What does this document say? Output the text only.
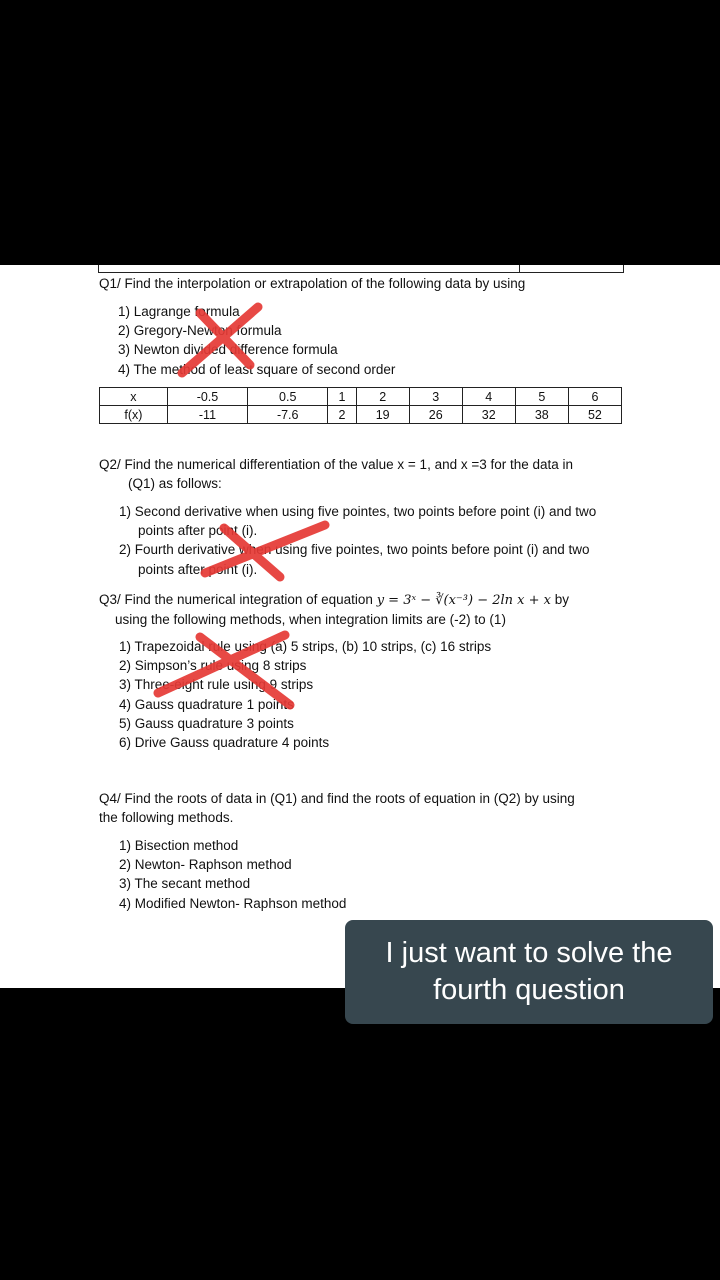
Q1/ Find the interpolation or extrapolation of the following data by using
1) Lagrange formula
2) Gregory-Newton formula
3) Newton divided difference formula
4) The method of least square of second order
x	-0.5	0.5	1	2	3	4	5	6
f(x)	-11	-7.6	2	19	26	32	38	52
Q2/ Find the numerical differentiation of the value x = 1, and x =3 for the data in
(Q1) as follows:
1) Second derivative when using five pointes, two points before point (i) and two points after point (i).
2) Fourth derivative when using five pointes, two points before point (i) and two points after point (i).
Q3/ Find the numerical integration of equation y = 3ˣ − ∛(x⁻³) − 2ln x + x by
using the following methods, when integration limits are (-2) to (1)
1) Trapezoidal rule using (a) 5 strips, (b) 10 strips, (c) 16 strips
2) Simpson’s rule using 8 strips
3) Three-eight rule using 9 strips
4) Gauss quadrature 1 points
5) Gauss quadrature 3 points
6) Drive Gauss quadrature 4 points
Q4/ Find the roots of data in (Q1) and find the roots of equation in (Q2) by using
the following methods.
1) Bisection method
2) Newton- Raphson method
3) The secant method
4) Modified Newton- Raphson method
I just want to solve the
fourth question
